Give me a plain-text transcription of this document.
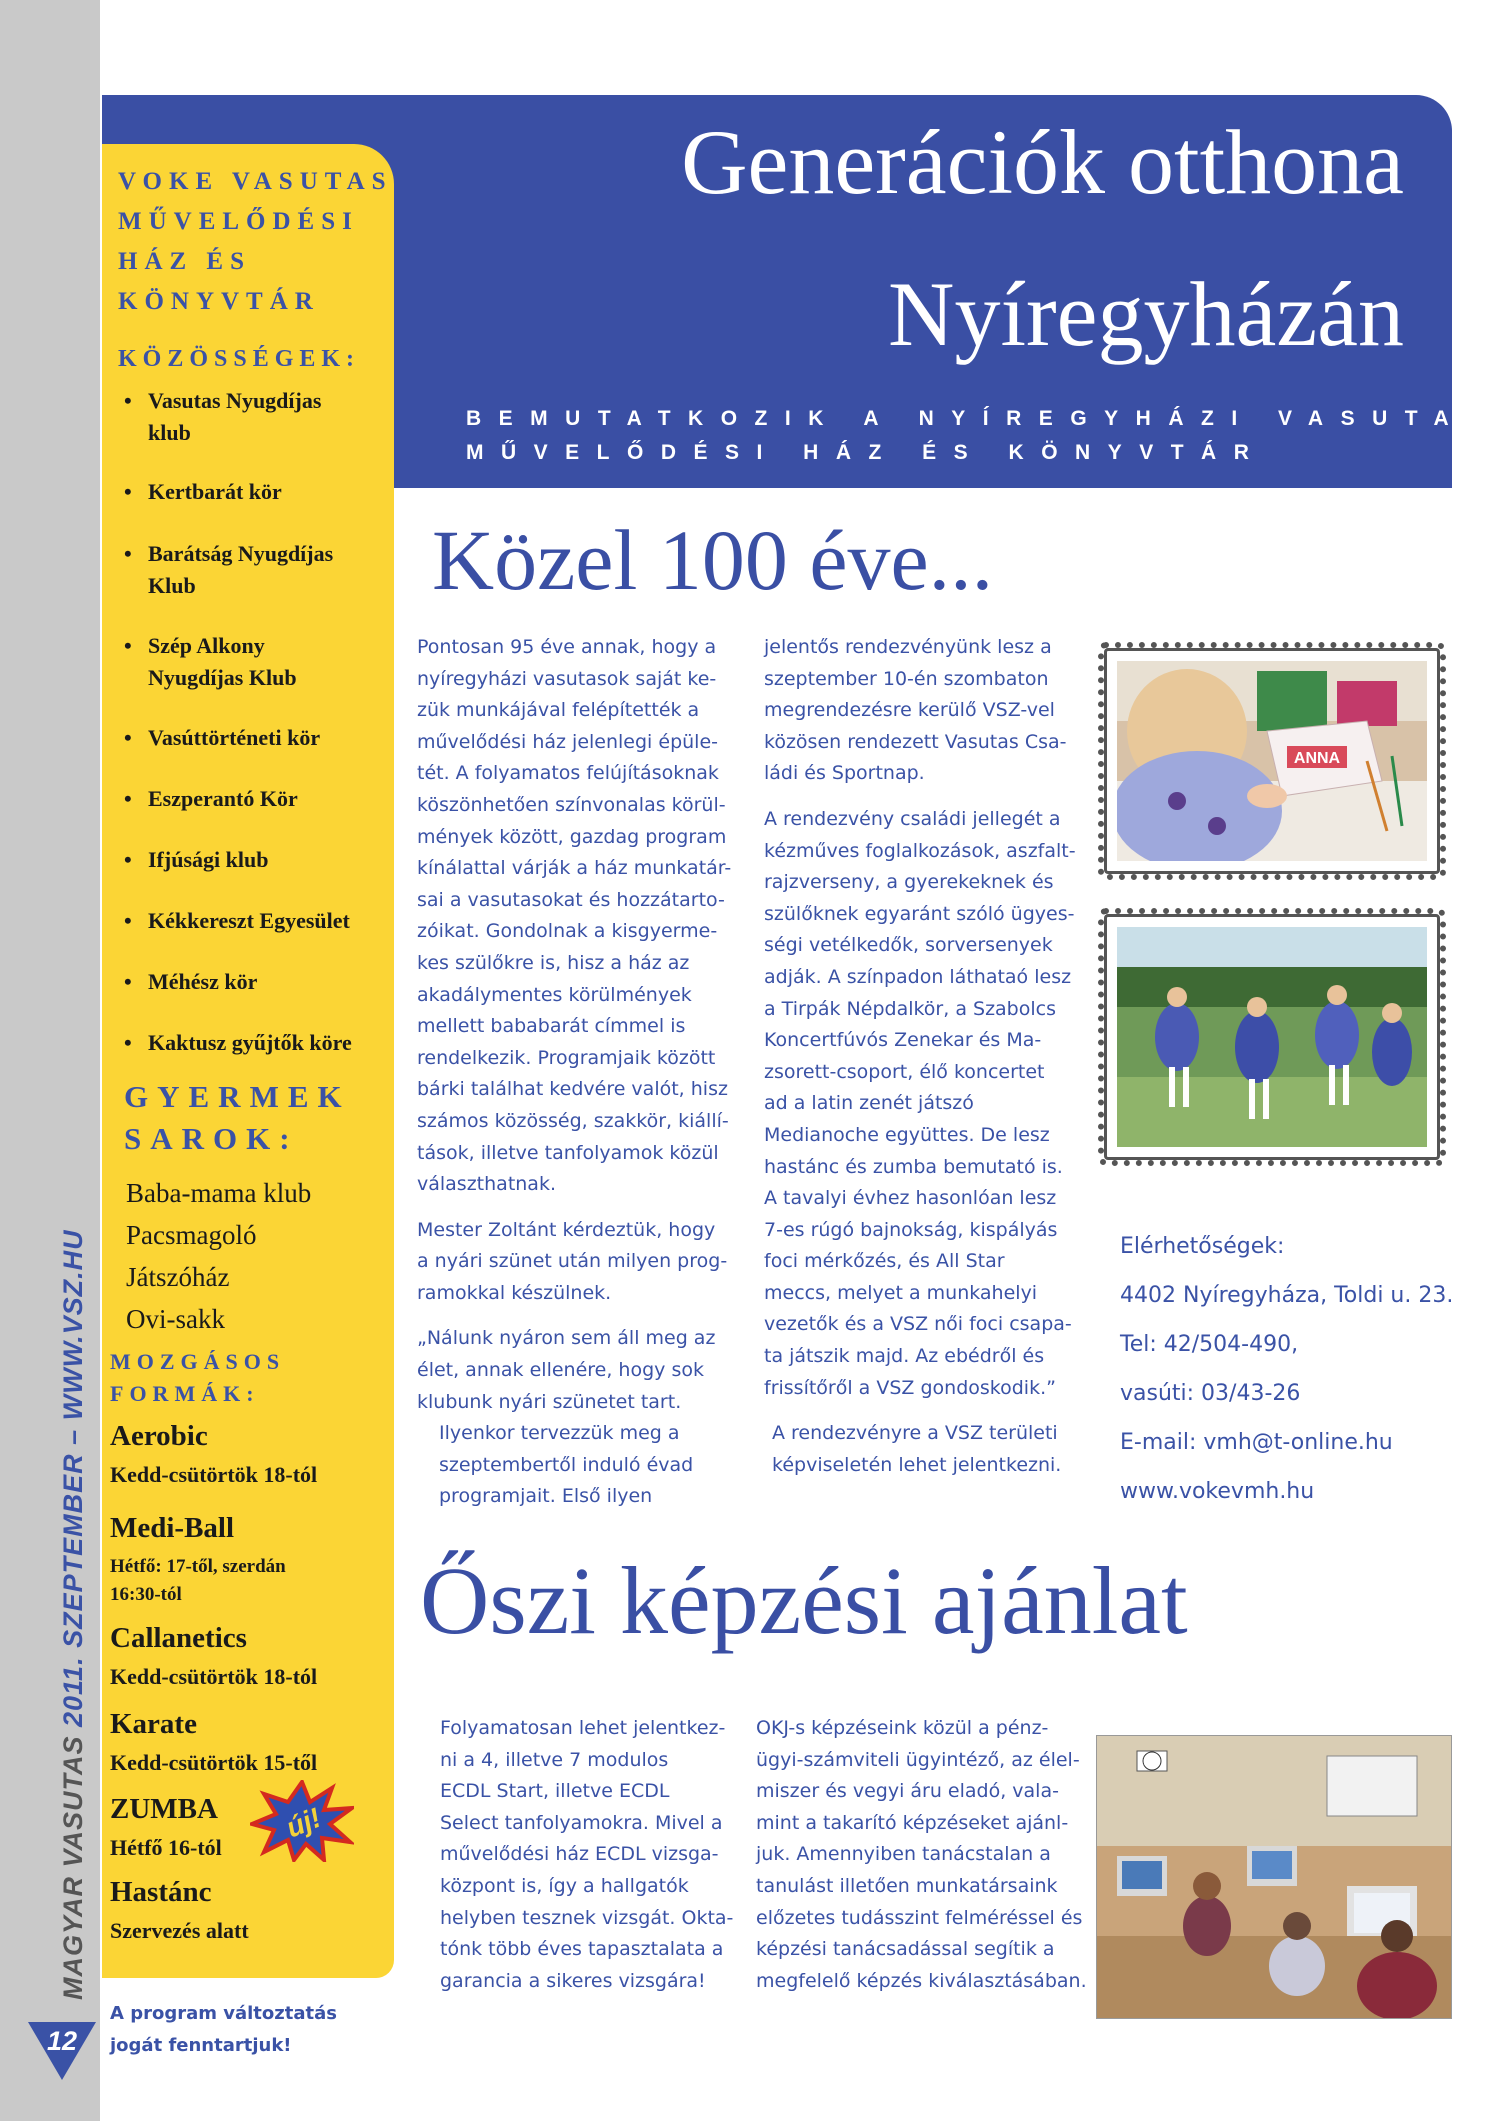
MAGYAR VASUTAS 2011. SZEPTEMBER – WWW.VSZ.HU
12
Generációk otthona
Nyíregyházán
BEMUTATKOZIK A NYÍREGYHÁZI VASUTAS
MŰVELŐDÉSI HÁZ ÉS KÖNYVTÁR
VOKE VASUTAS
MŰVELŐDÉSI
HÁZ ÉS
KÖNYVTÁR
KÖZÖSSÉGEK:
• Vasutas Nyugdíjas
klub
• Kertbarát kör
• Barátság Nyugdíjas
Klub
• Szép Alkony
Nyugdíjas Klub
• Vasúttörténeti kör
• Eszperantó Kör
• Ifjúsági klub
• Kékkereszt Egyesület
• Méhész kör
• Kaktusz gyűjtők köre
GYERMEK
SAROK:
Baba-mama klub
Pacsmagoló
Játszóház
Ovi-sakk
MOZGÁSOS
FORMÁK:
Aerobic
Kedd-csütörtök 18-tól
Medi-Ball
Hétfő: 17-től, szerdán
16:30-tól
Callanetics
Kedd-csütörtök 18-tól
Karate
Kedd-csütörtök 15-től
ZUMBA
Hétfő 16-tól
Hastánc
Szervezés alatt
új!
A program változtatás
jogát fenntartjuk!
Közel 100 éve...
Pontosan 95 éve annak, hogy a
nyíregyházi vasutasok saját ke-
zük munkájával felépítették a
művelődési ház jelenlegi épüle-
tét. A folyamatos felújításoknak
köszönhetően színvonalas körül-
mények között, gazdag program
kínálattal várják a ház munkatár-
sai a vasutasokat és hozzátarto-
zóikat. Gondolnak a kisgyerme-
kes szülőkre is, hisz a ház az
akadálymentes körülmények
mellett bababarát címmel is
rendelkezik. Programjaik között
bárki találhat kedvére valót, hisz
számos közösség, szakkör, kiállí-
tások, illetve tanfolyamok közül
választhatnak.
Mester Zoltánt kérdeztük, hogy
a nyári szünet után milyen prog-
ramokkal készülnek.
„Nálunk nyáron sem áll meg az
élet, annak ellenére, hogy sok
klubunk nyári szünetet tart.
Ilyenkor tervezzük meg a
szeptembertől induló évad
programjait. Első ilyen
jelentős rendezvényünk lesz a
szeptember 10-én szombaton
megrendezésre kerülő VSZ-vel
közösen rendezett Vasutas Csa-
ládi és Sportnap.
A rendezvény családi jellegét a
kézműves foglalkozások, aszfalt-
rajzverseny, a gyerekeknek és
szülőknek egyaránt szóló ügyes-
ségi vetélkedők, sorversenyek
adják. A színpadon láthataó lesz
a Tirpák Népdalkör, a Szabolcs
Koncertfúvós Zenekar és Ma-
zsorett-csoport, élő koncertet
ad a latin zenét játszó
Medianoche együttes. De lesz
hastánc és zumba bemutató is.
A tavalyi évhez hasonlóan lesz
7-es rúgó bajnokság, kispályás
foci mérkőzés, és All Star
meccs, melyet a munkahelyi
vezetők és a VSZ női foci csapa-
ta játszik majd. Az ebédről és
frissítőről a VSZ gondoskodik.”
A rendezvényre a VSZ területi
képviseletén lehet jelentkezni.
ANNA
Elérhetőségek:
4402 Nyíregyháza, Toldi u. 23.
Tel: 42/504-490,
vasúti: 03/43-26
E-mail: vmh@t-online.hu
www.vokevmh.hu
Őszi képzési ajánlat
Folyamatosan lehet jelentkez-
ni a 4, illetve 7 modulos
ECDL Start, illetve ECDL
Select tanfolyamokra. Mivel a
művelődési ház ECDL vizsga-
központ is, így a hallgatók
helyben tesznek vizsgát. Okta-
tónk több éves tapasztalata a
garancia a sikeres vizsgára!
OKJ-s képzéseink közül a pénz-
ügyi-számviteli ügyintéző, az élel-
miszer és vegyi áru eladó, vala-
mint a takarító képzéseket ajánl-
juk. Amennyiben tanácstalan a
tanulást illetően munkatársaink
előzetes tudásszint felméréssel és
képzési tanácsadással segítik a
megfelelő képzés kiválasztásában.
